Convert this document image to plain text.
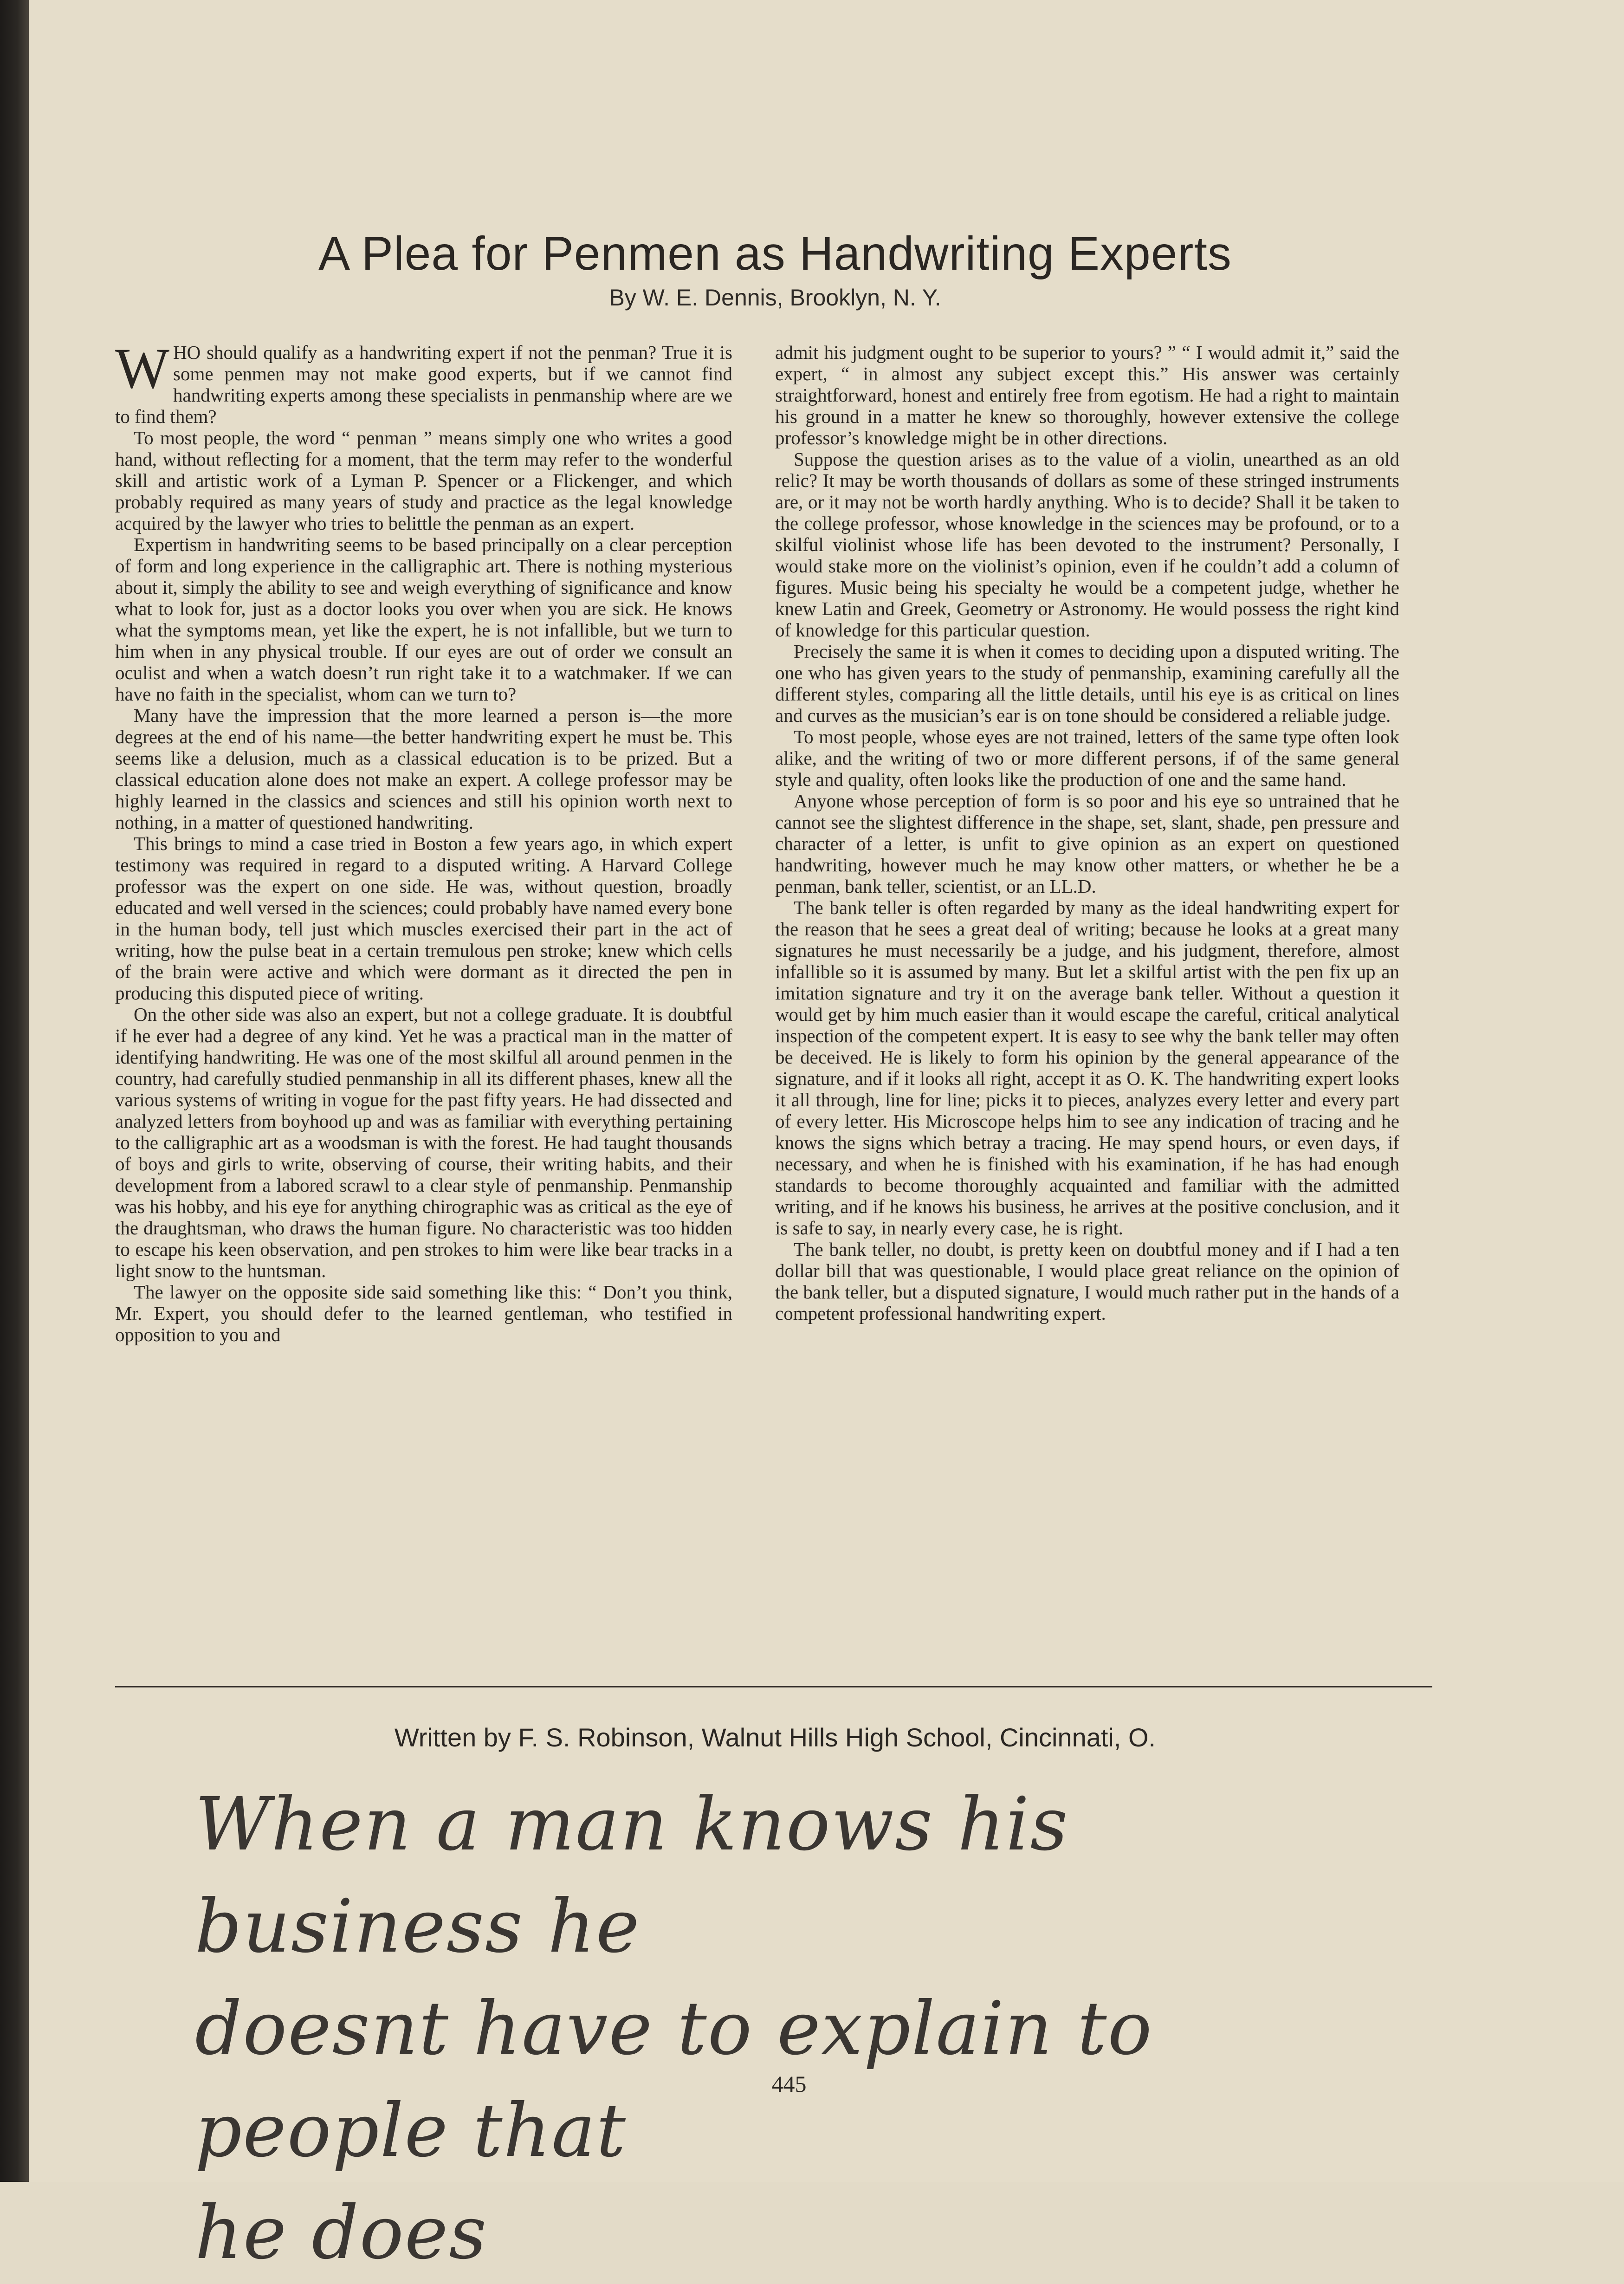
A Plea for Penmen as Handwriting Experts
By W. E. Dennis, Brooklyn, N. Y.

WHO should qualify as a handwriting expert if not the penman? True it is some penmen may not make good experts, but if we cannot find handwriting experts among these specialists in penmanship where are we to find them?

To most people, the word “ penman ” means simply one who writes a good hand, without reflecting for a moment, that the term may refer to the wonderful skill and artistic work of a Lyman P. Spencer or a Flickenger, and which probably required as many years of study and practice as the legal knowledge acquired by the lawyer who tries to belittle the penman as an expert.

Expertism in handwriting seems to be based principally on a clear perception of form and long experience in the calligraphic art. There is nothing mysterious about it, simply the ability to see and weigh everything of significance and know what to look for, just as a doctor looks you over when you are sick. He knows what the symptoms mean, yet like the expert, he is not infallible, but we turn to him when in any physical trouble. If our eyes are out of order we consult an oculist and when a watch doesn’t run right take it to a watchmaker. If we can have no faith in the specialist, whom can we turn to?

Many have the impression that the more learned a person is—the more degrees at the end of his name—the better handwriting expert he must be. This seems like a delusion, much as a classical education is to be prized. But a classical education alone does not make an expert. A college professor may be highly learned in the classics and sciences and still his opinion worth next to nothing, in a matter of questioned handwriting.

This brings to mind a case tried in Boston a few years ago, in which expert testimony was required in regard to a disputed writing. A Harvard College professor was the expert on one side. He was, without question, broadly educated and well versed in the sciences; could probably have named every bone in the human body, tell just which muscles exercised their part in the act of writing, how the pulse beat in a certain tremulous pen stroke; knew which cells of the brain were active and which were dormant as it directed the pen in producing this disputed piece of writing.

On the other side was also an expert, but not a college graduate. It is doubtful if he ever had a degree of any kind. Yet he was a practical man in the matter of identifying handwriting. He was one of the most skilful all around penmen in the country, had carefully studied penmanship in all its different phases, knew all the various systems of writing in vogue for the past fifty years. He had dissected and analyzed letters from boyhood up and was as familiar with everything pertaining to the calligraphic art as a woodsman is with the forest. He had taught thousands of boys and girls to write, observing of course, their writing habits, and their development from a labored scrawl to a clear style of penmanship. Penmanship was his hobby, and his eye for anything chirographic was as critical as the eye of the draughtsman, who draws the human figure. No characteristic was too hidden to escape his keen observation, and pen strokes to him were like bear tracks in a light snow to the huntsman.

The lawyer on the opposite side said something like this: “ Don’t you think, Mr. Expert, you should defer to the learned gentleman, who testified in opposition to you and

admit his judgment ought to be superior to yours? ” “ I would admit it,” said the expert, “ in almost any subject except this.” His answer was certainly straightforward, honest and entirely free from egotism. He had a right to maintain his ground in a matter he knew so thoroughly, however extensive the college professor’s knowledge might be in other directions.

Suppose the question arises as to the value of a violin, unearthed as an old relic? It may be worth thousands of dollars as some of these stringed instruments are, or it may not be worth hardly anything. Who is to decide? Shall it be taken to the college professor, whose knowledge in the sciences may be profound, or to a skilful violinist whose life has been devoted to the instrument? Personally, I would stake more on the violinist’s opinion, even if he couldn’t add a column of figures. Music being his specialty he would be a competent judge, whether he knew Latin and Greek, Geometry or Astronomy. He would possess the right kind of knowledge for this particular question.

Precisely the same it is when it comes to deciding upon a disputed writing. The one who has given years to the study of penmanship, examining carefully all the different styles, comparing all the little details, until his eye is as critical on lines and curves as the musician’s ear is on tone should be considered a reliable judge.

To most people, whose eyes are not trained, letters of the same type often look alike, and the writing of two or more different persons, if of the same general style and quality, often looks like the production of one and the same hand.

Anyone whose perception of form is so poor and his eye so untrained that he cannot see the slightest difference in the shape, set, slant, shade, pen pressure and character of a letter, is unfit to give opinion as an expert on questioned handwriting, however much he may know other matters, or whether he be a penman, bank teller, scientist, or an LL.D.

The bank teller is often regarded by many as the ideal handwriting expert for the reason that he sees a great deal of writing; because he looks at a great many signatures he must necessarily be a judge, and his judgment, therefore, almost infallible so it is assumed by many. But let a skilful artist with the pen fix up an imitation signature and try it on the average bank teller. Without a question it would get by him much easier than it would escape the careful, critical analytical inspection of the competent expert. It is easy to see why the bank teller may often be deceived. He is likely to form his opinion by the general appearance of the signature, and if it looks all right, accept it as O. K. The handwriting expert looks it all through, line for line; picks it to pieces, analyzes every letter and every part of every letter. His Microscope helps him to see any indication of tracing and he knows the signs which betray a tracing. He may spend hours, or even days, if necessary, and when he is finished with his examination, if he has had enough standards to become thoroughly acquainted and familiar with the admitted writing, and if he knows his business, he arrives at the positive conclusion, and it is safe to say, in nearly every case, he is right.

The bank teller, no doubt, is pretty keen on doubtful money and if I had a ten dollar bill that was questionable, I would place great reliance on the opinion of the bank teller, but a disputed signature, I would much rather put in the hands of a competent professional handwriting expert.

Written by F. S. Robinson, Walnut Hills High School, Cincinnati, O.
When a man knows his business he
doesnt have to explain to people that
he does
445
